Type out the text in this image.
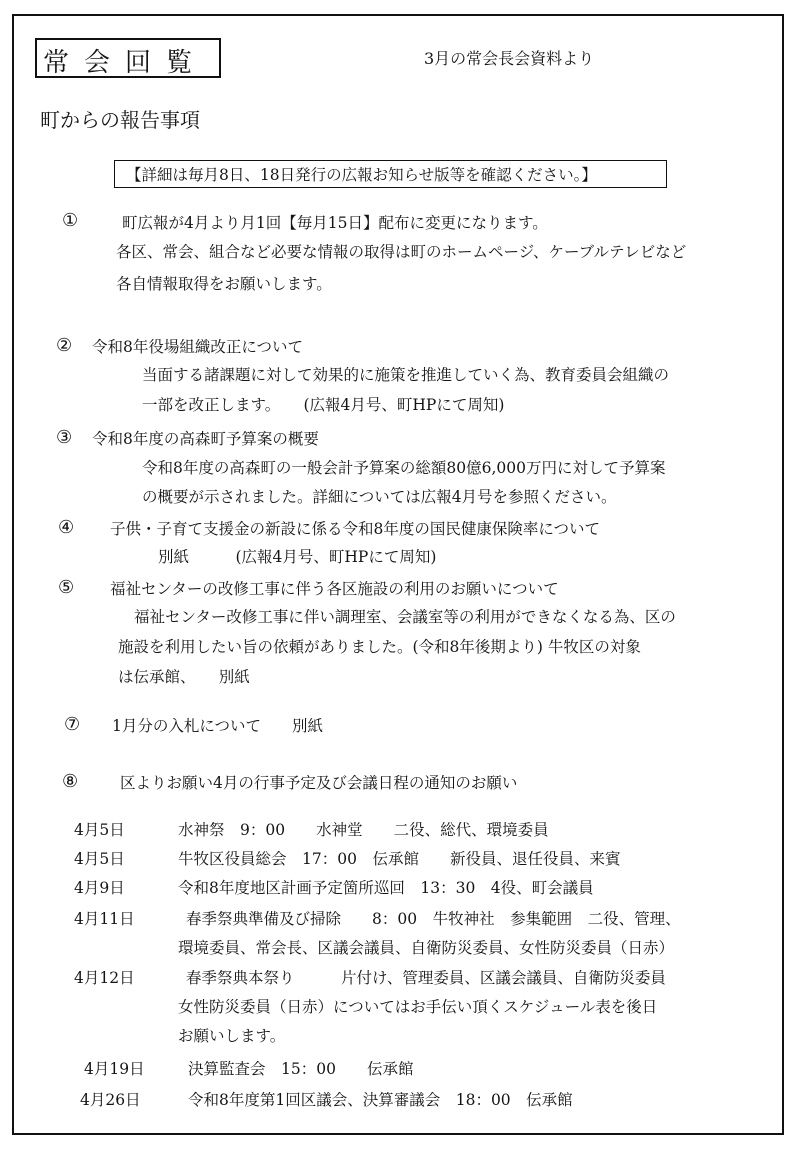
常会回覧	3月の常会長会資料より
町からの報告事項
【詳細は毎月8日、18日発行の広報お知らせ版等を確認ください。】
①	町広報が4月より月1回【毎月15日】配布に変更になります。
各区、常会、組合など必要な情報の取得は町のホームページ、ケーブルテレビなど
各自情報取得をお願いします。
② 令和8年役場組織改正について
当面する諸課題に対して効果的に施策を推進していく為、教育委員会組織の
一部を改正します。　　(広報4月号、町HPにて周知)
③ 令和8年度の高森町予算案の概要
令和8年度の高森町の一般会計予算案の総額80億6,000万円に対して予算案
の概要が示されました。詳細については広報4月号を参照ください。
④ 子供・子育て支援金の新設に係る令和8年度の国民健康保険率について
別紙　　　(広報4月号、町HPにて周知)
⑤ 福祉センターの改修工事に伴う各区施設の利用のお願いについて
福祉センター改修工事に伴い調理室、会議室等の利用ができなくなる為、区の
施設を利用したい旨の依頼がありました。(令和8年後期より) 牛牧区の対象
は伝承館、　　別紙
⑦ 1月分の入札について　　別紙
⑧	区よりお願い4月の行事予定及び会議日程の通知のお願い
4月5日	水神祭　9：00　　水神堂　　二役、総代、環境委員
4月5日	牛牧区役員総会　17：00　伝承館　　新役員、退任役員、来賓
4月9日	令和8年度地区計画予定箇所巡回　13：30　4役、町会議員
4月11日	春季祭典準備及び掃除　　8：00　牛牧神社　参集範囲　二役、管理、
環境委員、常会長、区議会議員、自衛防災委員、女性防災委員（日赤）
4月12日	春季祭典本祭り　　　片付け、管理委員、区議会議員、自衛防災委員
女性防災委員（日赤）についてはお手伝い頂くスケジュール表を後日
お願いします。
4月19日	決算監査会　15：00　　伝承館
4月26日	令和8年度第1回区議会、決算審議会　18：00　伝承館
